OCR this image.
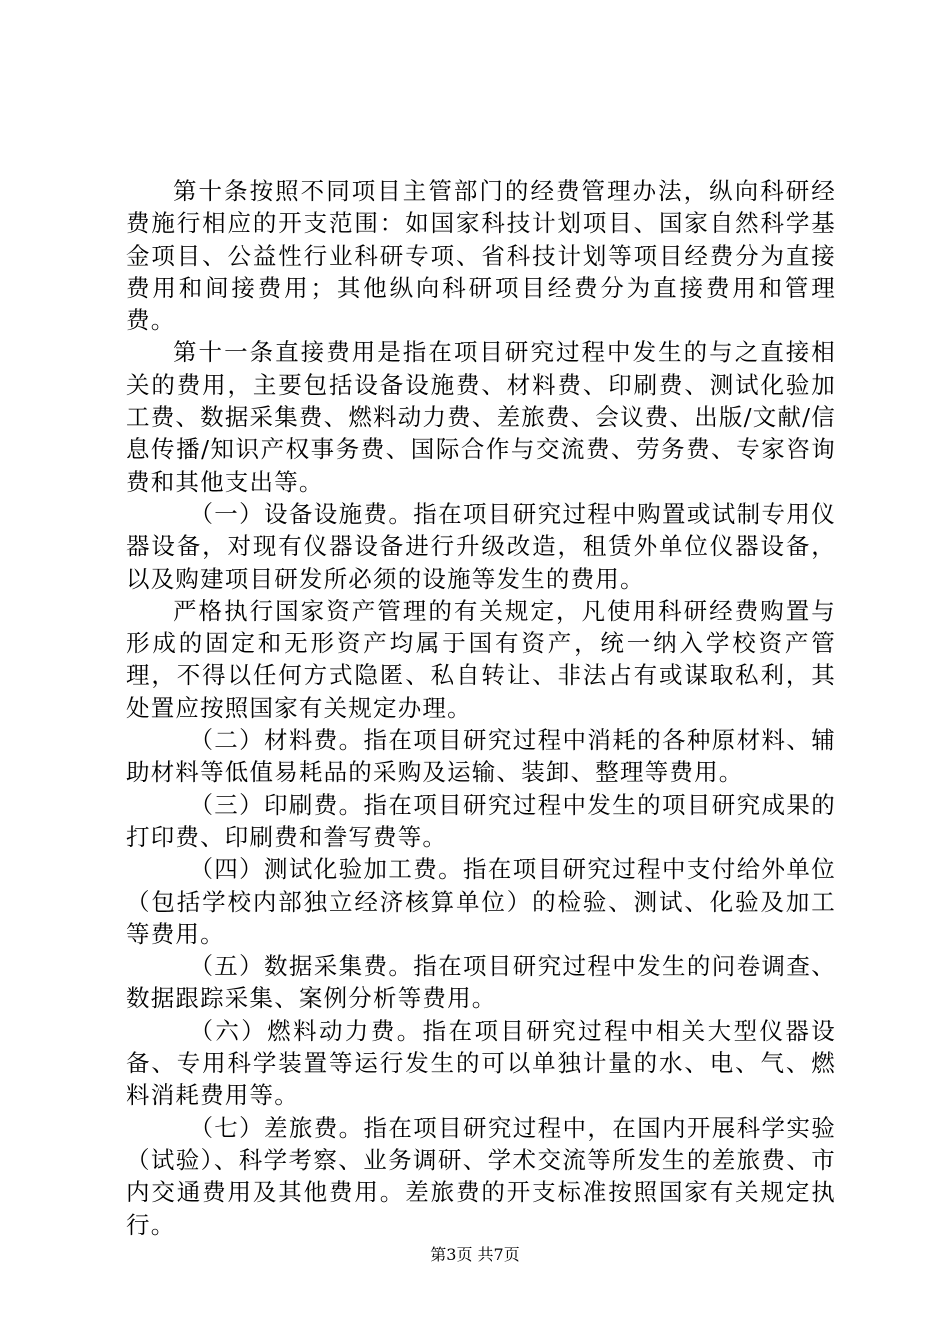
第十条按照不同项目主管部门的经费管理办法，纵向科研经费施行相应的开支范围：如国家科技计划项目、国家自然科学基金项目、公益性行业科研专项、省科技计划等项目经费分为直接费用和间接费用；其他纵向科研项目经费分为直接费用和管理费。

第十一条直接费用是指在项目研究过程中发生的与之直接相关的费用，主要包括设备设施费、材料费、印刷费、测试化验加工费、数据采集费、燃料动力费、差旅费、会议费、出版/文献/信息传播/知识产权事务费、国际合作与交流费、劳务费、专家咨询费和其他支出等。

（一）设备设施费。指在项目研究过程中购置或试制专用仪器设备，对现有仪器设备进行升级改造，租赁外单位仪器设备，以及购建项目研发所必须的设施等发生的费用。

严格执行国家资产管理的有关规定，凡使用科研经费购置与形成的固定和无形资产均属于国有资产，统一纳入学校资产管理，不得以任何方式隐匿、私自转让、非法占有或谋取私利，其处置应按照国家有关规定办理。

（二）材料费。指在项目研究过程中消耗的各种原材料、辅助材料等低值易耗品的采购及运输、装卸、整理等费用。

（三）印刷费。指在项目研究过程中发生的项目研究成果的打印费、印刷费和誊写费等。

（四）测试化验加工费。指在项目研究过程中支付给外单位（包括学校内部独立经济核算单位）的检验、测试、化验及加工等费用。

（五）数据采集费。指在项目研究过程中发生的问卷调查、数据跟踪采集、案例分析等费用。

（六）燃料动力费。指在项目研究过程中相关大型仪器设备、专用科学装置等运行发生的可以单独计量的水、电、气、燃料消耗费用等。

（七）差旅费。指在项目研究过程中，在国内开展科学实验（试验）、科学考察、业务调研、学术交流等所发生的差旅费、市内交通费用及其他费用。差旅费的开支标准按照国家有关规定执行。

第3页 共7页
